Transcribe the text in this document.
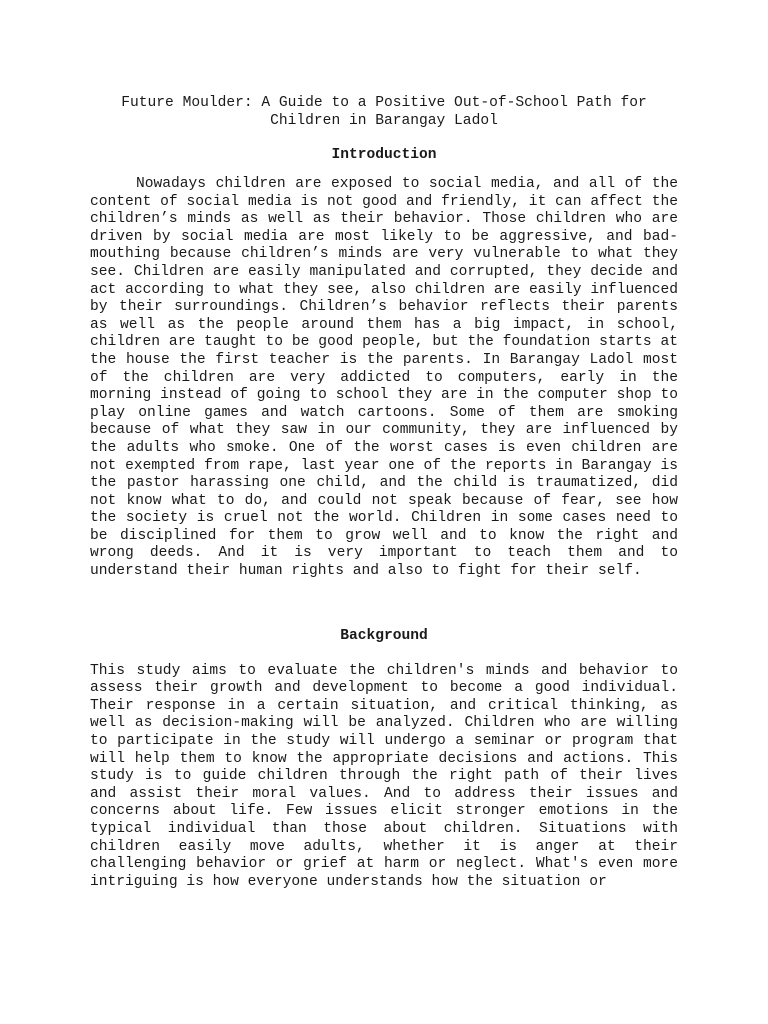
Future Moulder: A Guide to a Positive Out-of-School Path for
Children in Barangay Ladol
Introduction

Nowadays children are exposed to social media, and all of the content of social media is not good and friendly, it can affect the children’s minds as well as their behavior. Those children who are driven by social media are most likely to be aggressive, and bad-mouthing because children’s minds are very vulnerable to what they see. Children are easily manipulated and corrupted, they decide and act according to what they see, also children are easily influenced by their surroundings. Children’s behavior reflects their parents as well as the people around them has a big impact, in school, children are taught to be good people, but the foundation starts at the house the first teacher is the parents. In Barangay Ladol most of the children are very addicted to computers, early in the morning instead of going to school they are in the computer shop to play online games and watch cartoons. Some of them are smoking because of what they saw in our community, they are influenced by the adults who smoke. One of the worst cases is even children are not exempted from rape, last year one of the reports in Barangay is the pastor harassing one child, and the child is traumatized, did not know what to do, and could not speak because of fear, see how the society is cruel not the world. Children in some cases need to be disciplined for them to grow well and to know the right and wrong deeds. And it is very important to teach them and to understand their human rights and also to fight for their self.

Background

This study aims to evaluate the children's minds and behavior to assess their growth and development to become a good individual. Their response in a certain situation, and critical thinking, as well as decision-making will be analyzed. Children who are willing to participate in the study will undergo a seminar or program that will help them to know the appropriate decisions and actions. This study is to guide children through the right path of their lives and assist their moral values. And to address their issues and concerns about life. Few issues elicit stronger emotions in the typical individual than those about children. Situations with children easily move adults, whether it is anger at their challenging behavior or grief at harm or neglect. What's even more intriguing is how everyone understands how the situation or
